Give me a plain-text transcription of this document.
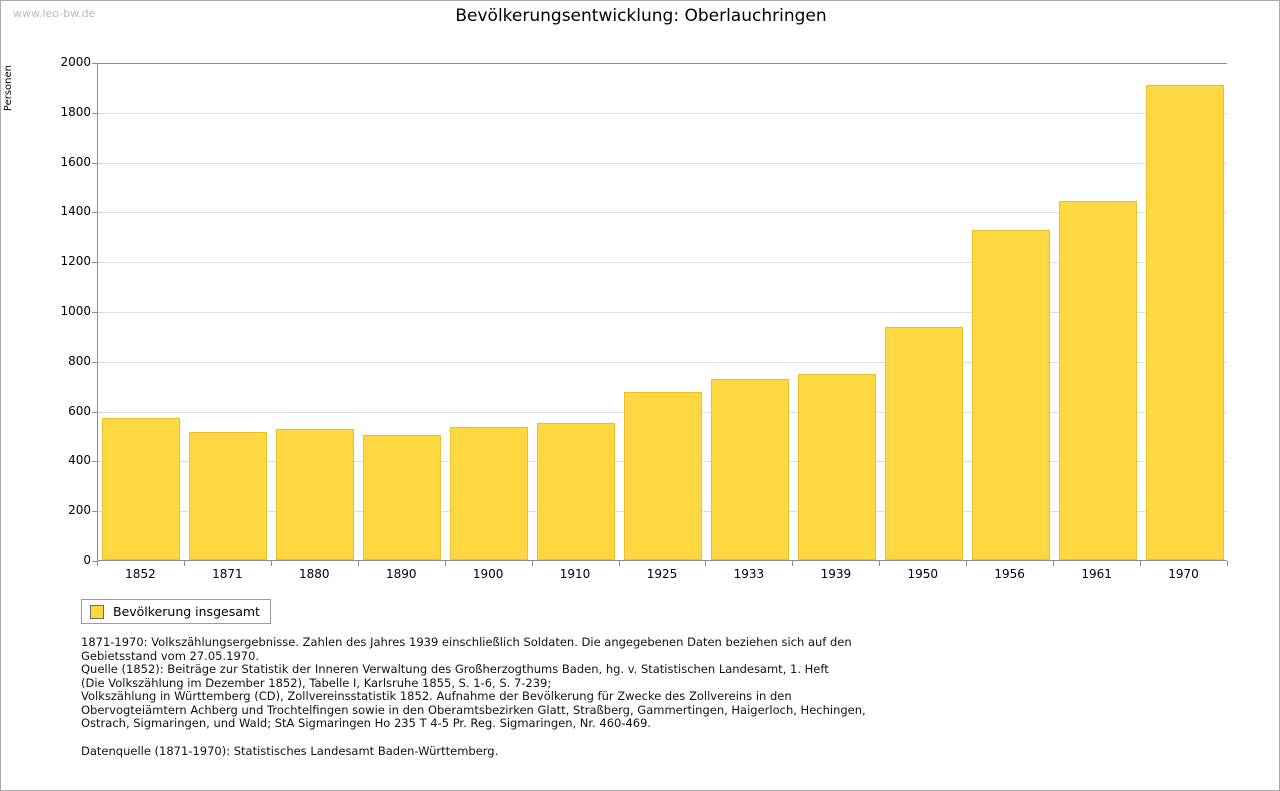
www.leo-bw.de	Bevölkerungsentwicklung: Oberlauchringen
Personen
0
200
400
600
800
1000
1200
1400
1600
1800
2000
1852	1871	1880	1890	1900	1910	1925	1933	1939	1950	1956	1961	1970
Bevölkerung insgesamt
1871-1970: Volkszählungsergebnisse. Zahlen des Jahres 1939 einschließlich Soldaten. Die angegebenen Daten beziehen sich auf den
Gebietsstand vom 27.05.1970.
Quelle (1852): Beiträge zur Statistik der Inneren Verwaltung des Großherzogthums Baden, hg. v. Statistischen Landesamt, 1. Heft
(Die Volkszählung im Dezember 1852), Tabelle I, Karlsruhe 1855, S. 1-6, S. 7-239;
Volkszählung in Württemberg (CD), Zollvereinsstatistik 1852. Aufnahme der Bevölkerung für Zwecke des Zollvereins in den
Obervogteiämtern Achberg und Trochtelfingen sowie in den Oberamtsbezirken Glatt, Straßberg, Gammertingen, Haigerloch, Hechingen,
Ostrach, Sigmaringen, und Wald; StA Sigmaringen Ho 235 T 4-5 Pr. Reg. Sigmaringen, Nr. 460-469.
Datenquelle (1871-1970): Statistisches Landesamt Baden-Württemberg.
